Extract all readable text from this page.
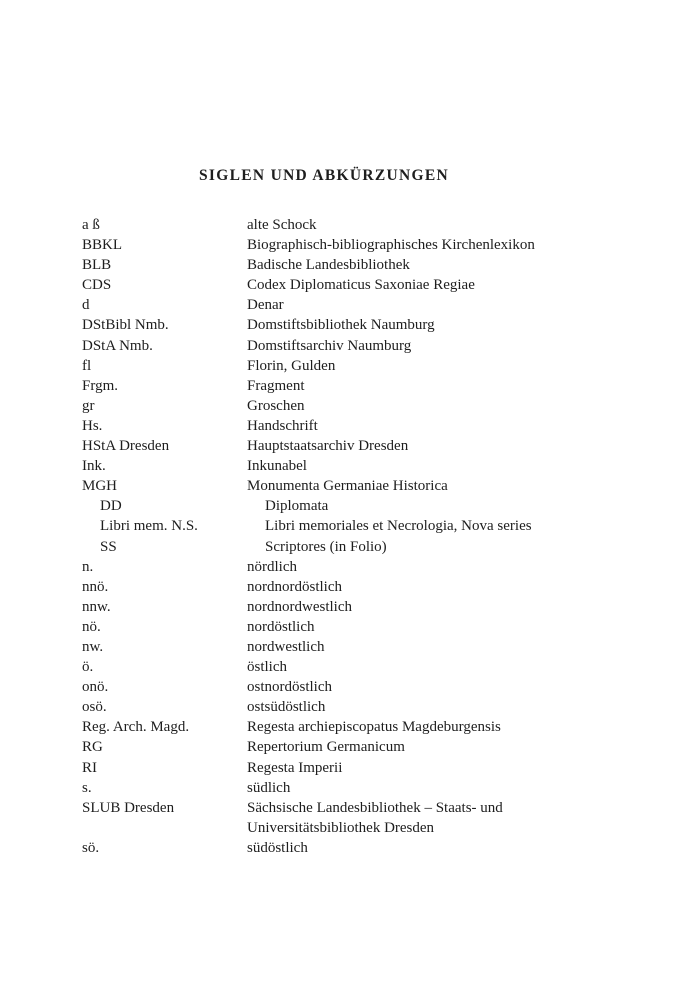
SIGLEN UND ABKÜRZUNGEN
a ß	alte Schock
BBKL	Biographisch-bibliographisches Kirchenlexikon
BLB	Badische Landesbibliothek
CDS	Codex Diplomaticus Saxoniae Regiae
d	Denar
DStBibl Nmb.	Domstiftsbibliothek Naumburg
DStA Nmb.	Domstiftsarchiv Naumburg
fl	Florin, Gulden
Frgm.	Fragment
gr	Groschen
Hs.	Handschrift
HStA Dresden	Hauptstaatsarchiv Dresden
Ink.	Inkunabel
MGH	Monumenta Germaniae Historica
DD	Diplomata
Libri mem. N.S.	Libri memoriales et Necrologia, Nova series
SS	Scriptores (in Folio)
n.	nördlich
nnö.	nordnordöstlich
nnw.	nordnordwestlich
nö.	nordöstlich
nw.	nordwestlich
ö.	östlich
onö.	ostnordöstlich
osö.	ostsüdöstlich
Reg. Arch. Magd.	Regesta archiepiscopatus Magdeburgensis
RG	Repertorium Germanicum
RI	Regesta Imperii
s.	südlich
SLUB Dresden	Sächsische Landesbibliothek – Staats- und
Universitätsbibliothek Dresden
sö.	südöstlich
